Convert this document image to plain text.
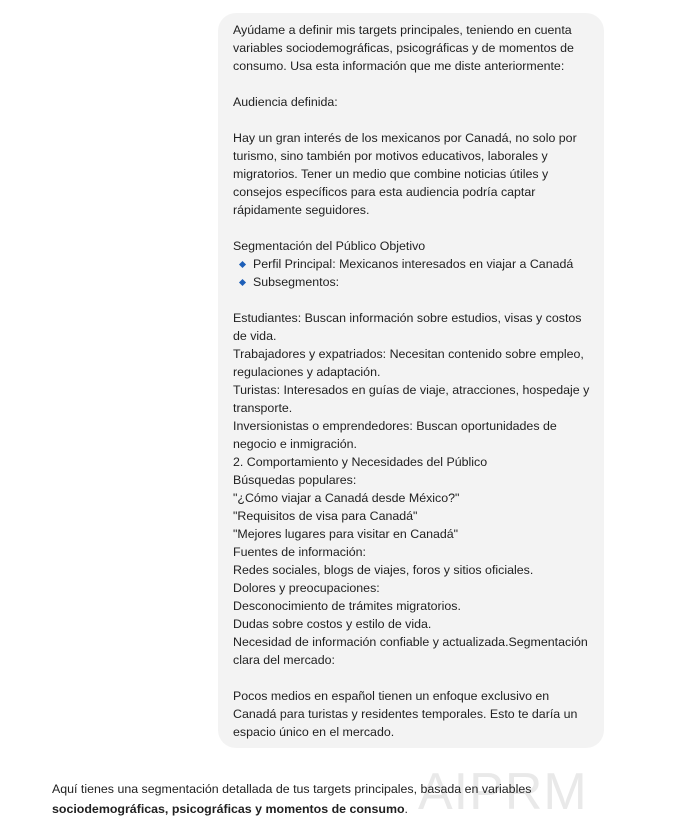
Ayúdame a definir mis targets principales, teniendo en cuenta variables sociodemográficas, psicográficas y de momentos de consumo. Usa esta información que me diste anteriormente:

Audiencia definida:

Hay un gran interés de los mexicanos por Canadá, no solo por turismo, sino también por motivos educativos, laborales y migratorios. Tener un medio que combine noticias útiles y consejos específicos para esta audiencia podría captar rápidamente seguidores.

Segmentación del Público Objetivo

Perfil Principal: Mexicanos interesados en viajar a Canadá
Subsegmentos:

Estudiantes: Buscan información sobre estudios, visas y costos de vida.

Trabajadores y expatriados: Necesitan contenido sobre empleo, regulaciones y adaptación.

Turistas: Interesados en guías de viaje, atracciones, hospedaje y transporte.

Inversionistas o emprendedores: Buscan oportunidades de negocio e inmigración.

2. Comportamiento y Necesidades del Público

Búsquedas populares:

"¿Cómo viajar a Canadá desde México?"

"Requisitos de visa para Canadá"

"Mejores lugares para visitar en Canadá"

Fuentes de información:

Redes sociales, blogs de viajes, foros y sitios oficiales.

Dolores y preocupaciones:

Desconocimiento de trámites migratorios.

Dudas sobre costos y estilo de vida.

Necesidad de información confiable y actualizada.Segmentación clara del mercado:

Pocos medios en español tienen un enfoque exclusivo en Canadá para turistas y residentes temporales. Esto te daría un espacio único en el mercado.

AIPRM
Aquí tienes una segmentación detallada de tus targets principales, basada en variables sociodemográficas, psicográficas y momentos de consumo.
